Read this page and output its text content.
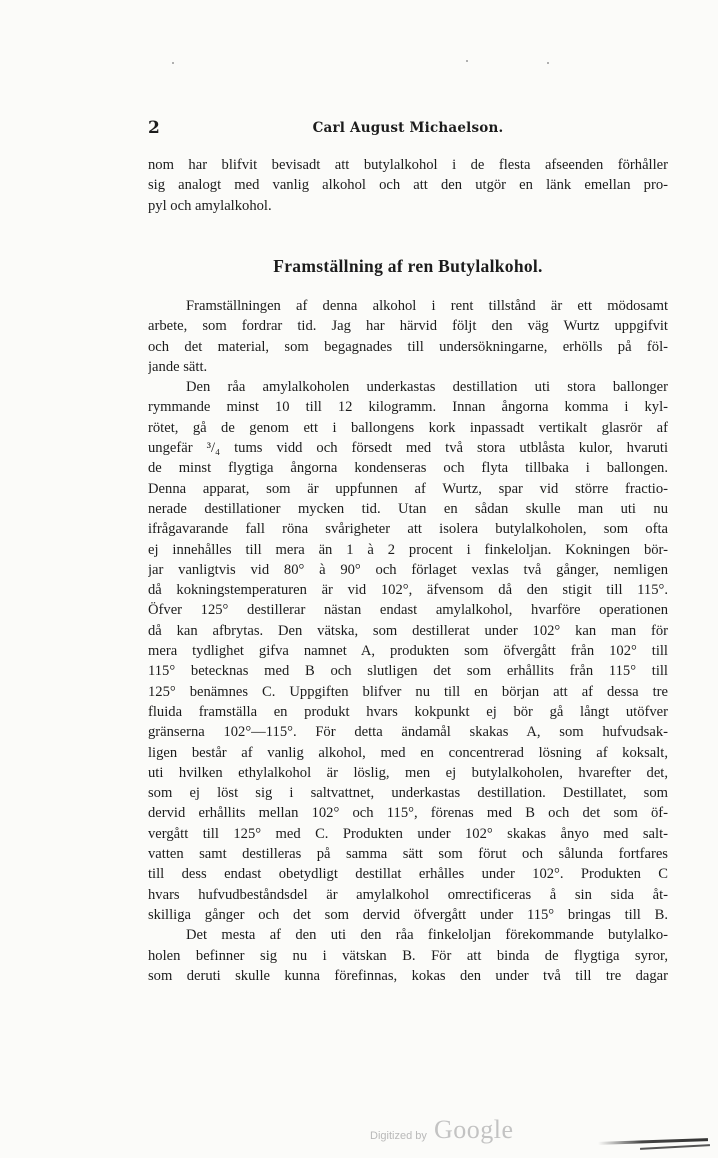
2	Carl August Michaelson.
nom har blifvit bevisadt att butylalkohol i de flesta afseenden förhåller
sig analogt med vanlig alkohol och att den utgör en länk emellan pro-
pyl och amylalkohol.
Framställning af ren Butylalkohol.
Framställningen af denna alkohol i rent tillstånd är ett mödosamt
arbete, som fordrar tid. Jag har härvid följt den väg Wurtz uppgifvit
och det material, som begagnades till undersökningarne, erhölls på föl-
jande sätt.
Den råa amylalkoholen underkastas destillation uti stora ballonger
rymmande minst 10 till 12 kilogramm. Innan ångorna komma i kyl-
rötet, gå de genom ett i ballongens kork inpassadt vertikalt glasrör af
ungefär ³/₄ tums vidd och försedt med två stora utblåsta kulor, hvaruti
de minst flygtiga ångorna kondenseras och flyta tillbaka i ballongen.
Denna apparat, som är uppfunnen af Wurtz, spar vid större fractio-
nerade destillationer mycken tid. Utan en sådan skulle man uti nu
ifrågavarande fall röna svårigheter att isolera butylalkoholen, som ofta
ej innehålles till mera än 1 à 2 procent i finkeloljan. Kokningen bör-
jar vanligtvis vid 80° à 90° och förlaget vexlas två gånger, nemligen
då kokningstemperaturen är vid 102°, äfvensom då den stigit till 115°.
Öfver 125° destillerar nästan endast amylalkohol, hvarföre operationen
då kan afbrytas. Den vätska, som destillerat under 102° kan man för
mera tydlighet gifva namnet A, produkten som öfvergått från 102° till
115° betecknas med B och slutligen det som erhållits från 115° till
125° benämnes C. Uppgiften blifver nu till en början att af dessa tre
fluida framställa en produkt hvars kokpunkt ej bör gå långt utöfver
gränserna 102°—115°. För detta ändamål skakas A, som hufvudsak-
ligen består af vanlig alkohol, med en concentrerad lösning af koksalt,
uti hvilken ethylalkohol är löslig, men ej butylalkoholen, hvarefter det,
som ej löst sig i saltvattnet, underkastas destillation. Destillatet, som
dervid erhållits mellan 102° och 115°, förenas med B och det som öf-
vergått till 125° med C. Produkten under 102° skakas ånyo med salt-
vatten samt destilleras på samma sätt som förut och sålunda fortfares
till dess endast obetydligt destillat erhålles under 102°. Produkten C
hvars hufvudbeståndsdel är amylalkohol omrectificeras å sin sida åt-
skilliga gånger och det som dervid öfvergått under 115° bringas till B.
Det mesta af den uti den råa finkeloljan förekommande butylalko-
holen befinner sig nu i vätskan B. För att binda de flygtiga syror,
som deruti skulle kunna förefinnas, kokas den under två till tre dagar
Digitized by Google
